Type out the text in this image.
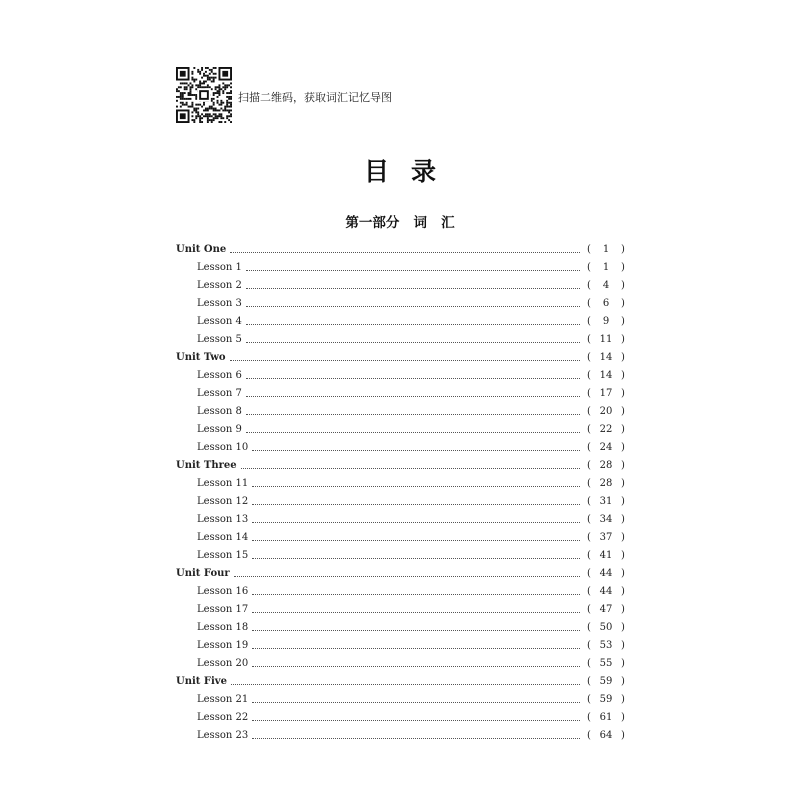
扫描二维码，获取词汇记忆导图
目录
第一部分   词   汇
Unit One	(	1	)
Lesson 1	(	1	)
Lesson 2	(	4	)
Lesson 3	(	6	)
Lesson 4	(	9	)
Lesson 5	( 11 )
Unit Two	( 14 )
Lesson 6	( 14 )
Lesson 7	( 17 )
Lesson 8	( 20 )
Lesson 9	( 22 )
Lesson 10	( 24 )
Unit Three	( 28 )
Lesson 11	( 28 )
Lesson 12	( 31 )
Lesson 13	( 34 )
Lesson 14	( 37 )
Lesson 15	( 41 )
Unit Four	( 44 )
Lesson 16	( 44 )
Lesson 17	( 47 )
Lesson 18	( 50 )
Lesson 19	( 53 )
Lesson 20	( 55 )
Unit Five	( 59 )
Lesson 21	( 59 )
Lesson 22	( 61 )
Lesson 23	( 64 )
